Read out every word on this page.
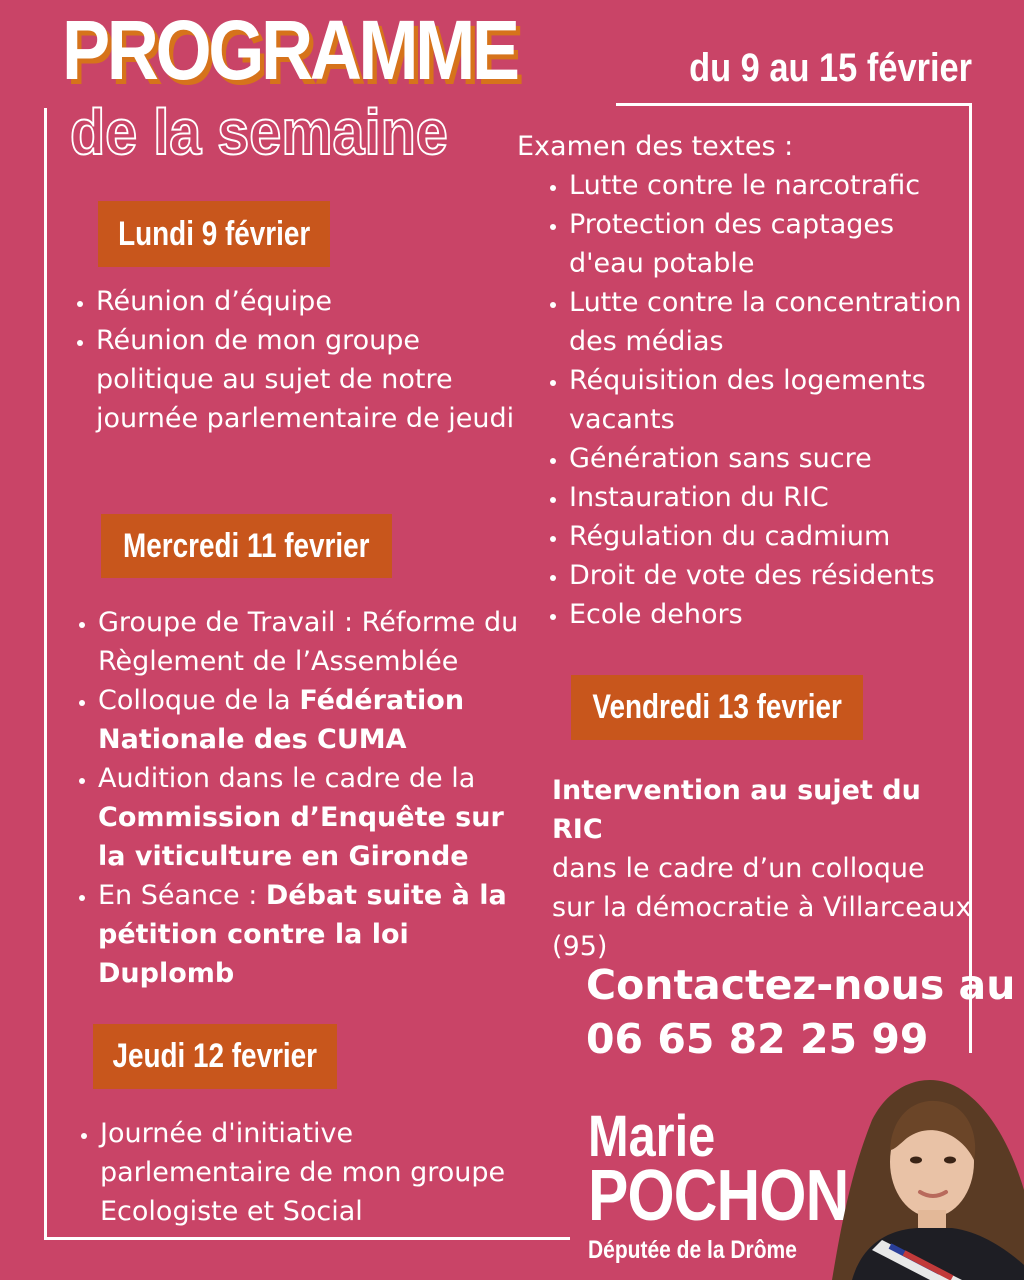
PROGRAMME
de la semaine
du 9 au 15 février
Lundi 9 février
• Réunion d’équipe
• Réunion de mon groupe politique au sujet de notre journée parlementaire de jeudi
Mercredi 11 fevrier
• Groupe de Travail : Réforme du Règlement de l’Assemblée
• Colloque de la Fédération Nationale des CUMA
• Audition dans le cadre de la Commission d’Enquête sur la viticulture en Gironde
• En Séance : Débat suite à la pétition contre la loi Duplomb
Jeudi 12 fevrier
• Journée d'initiative parlementaire de mon groupe Ecologiste et Social
Examen des textes :
• Lutte contre le narcotrafic
• Protection des captages d'eau potable
• Lutte contre la concentration des médias
• Réquisition des logements vacants
• Génération sans sucre
• Instauration du RIC
• Régulation du cadmium
• Droit de vote des résidents
• Ecole dehors
Vendredi 13 fevrier
Intervention au sujet du RIC
dans le cadre d’un colloque sur la démocratie à Villarceaux (95)
Contactez-nous au
06 65 82 25 99
Marie
POCHON
Députée de la Drôme
